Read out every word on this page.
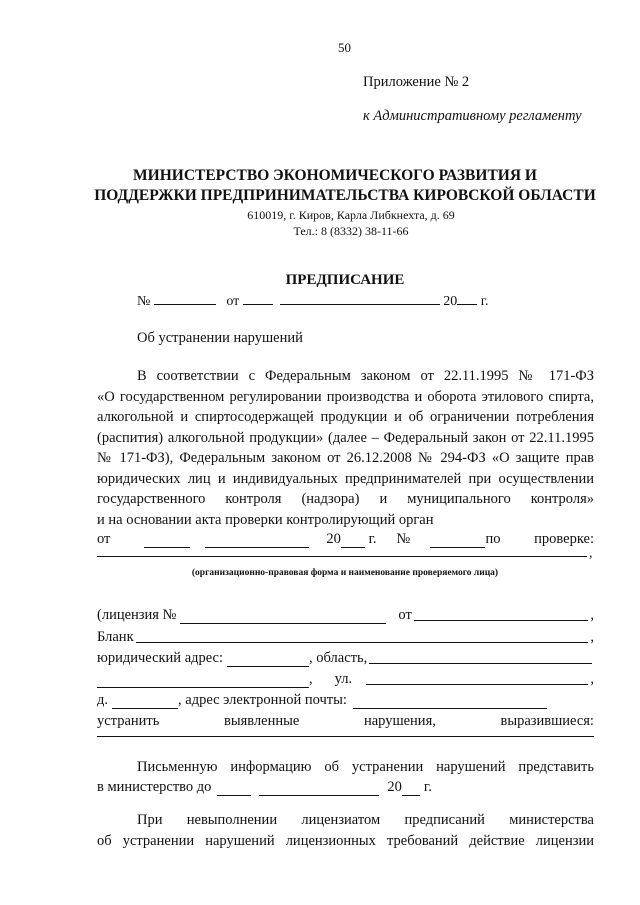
50
Приложение № 2
к Административному регламенту
МИНИСТЕРСТВО ЭКОНОМИЧЕСКОГО РАЗВИТИЯ И
ПОДДЕРЖКИ ПРЕДПРИНИМАТЕЛЬСТВА КИРОВСКОЙ ОБЛАСТИ
610019, г. Киров, Карла Либкнехта, д. 69
Тел.: 8 (8332) 38-11-66
ПРЕДПИСАНИЕ
№	от	20 г.
Об устранении нарушений
В соответствии с Федеральным законом от 22.11.1995 № 171-ФЗ
«О государственном регулировании производства и оборота этилового спирта,
алкогольной и спиртосодержащей продукции и об ограничении потребления
(распития) алкогольной продукции» (далее – Федеральный закон от 22.11.1995
№ 171-ФЗ), Федеральным законом от 26.12.2008 № 294-ФЗ «О защите прав
юридических лиц и индивидуальных предпринимателей при осуществлении
государственного контроля (надзора) и муниципального контроля»
и на основании акта проверки контролирующий орган
от	20 г. №	по проверке:
,
(организационно-правовая форма и наименование проверяемого лица)
(лицензия №	от	,
Бланк	,
юридический адрес:	, область,
, ул.	,
д.	, адрес электронной почты:
устранить	выявленные	нарушения,	выразившиеся:
Письменную информацию об устранении нарушений представить
в министерство до	20 г.
При невыполнении лицензиатом предписаний министерства
об устранении нарушений лицензионных требований действие лицензии
